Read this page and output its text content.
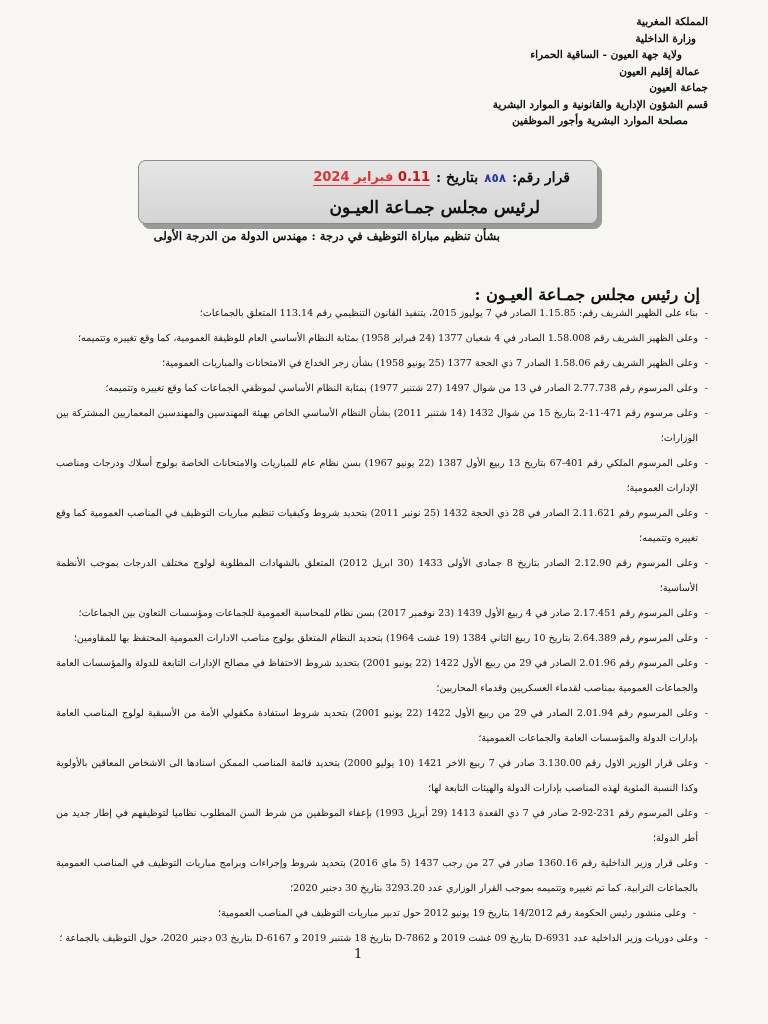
المملكة المغربية
وزارة الداخلية
ولاية جهة العيون - الساقية الحمراء
عمالة إقليم العيون
جماعة العيون
قسم الشؤون الإدارية والقانونية و الموارد البشرية
مصلحة الموارد البشرية وأجور الموظفين
قرار رقم:
٨٥٨
بتاريخ :
0.11 فبراير 2024
لرئيس مجلس جمـاعة العيـون
بشأن تنظيم مباراة التوظيف في درجة : مهندس الدولة من الدرجة الأولى
إن رئيس مجلس جمـاعة العيـون :
- بناء على الظهير الشريف رقم: 1.15.85 الصادر في 7 يوليوز 2015، بتنفيذ القانون التنظيمي رقم 113.14 المتعلق بالجماعات؛
- وعلى الظهير الشريف رقم 1.58.008 الصادر في 4 شعبان 1377 (24 فبراير 1958) بمثابة النظام الأساسي العام للوظيفة العمومية، كما وقع تغييره وتتميمه؛
- وعلى الظهير الشريف رقم 1.58.06 الصادر 7 ذي الحجة 1377 (25 يونيو 1958) بشأن زجر الخداع في الامتحانات والمباريات العمومية؛
- وعلى المرسوم رقم 2.77.738 الصادر في 13 من شوال 1497 (27 شتنبر 1977) بمثابة النظام الأساسي لموظفي الجماعات كما وقع تغييره وتتميمه؛
- وعلى مرسوم رقم 471-11-2 بتاريخ 15 من شوال 1432 (14 شتنبر 2011) بشأن النظام الأساسي الخاص بهيئة المهندسين والمهندسين المعماريين المشتركة بين الوزارات؛
- وعلى المرسوم الملكي رقم 401-67 بتاريخ 13 ربيع الأول 1387 (22 يونيو 1967) بسن نظام عام للمباريات والامتحانات الخاصة بولوج أسلاك ودرجات ومناصب الإدارات العمومية؛
- وعلى المرسوم رقم 2.11.621 الصادر في 28 ذي الحجة 1432 (25 نونبر 2011) بتحديد شروط وكيفيات تنظيم مباريات التوظيف في المناصب العمومية كما وقع تغييره وتتميمه؛
- وعلى المرسوم رقم 2.12.90 الصادر بتاريخ 8 جمادى الأولى 1433 (30 ابريل 2012) المتعلق بالشهادات المطلوبة لولوج مختلف الدرجات بموجب الأنظمة الأساسية؛
- وعلى المرسوم رقم 2.17.451 صادر في 4 ربيع الأول 1439 (23 نوفمبر 2017) بسن نظام للمحاسبة العمومية للجماعات ومؤسسات التعاون بين الجماعات؛
- وعلى المرسوم رقم 2.64.389 بتاريخ 10 ربيع الثاني 1384 (19 غشت 1964) بتحديد النظام المتعلق بولوج مناصب الادارات العمومية المحتفظ بها للمقاومين؛
- وعلى المرسوم رقم 2.01.96 الصادر في 29 من ربيع الأول 1422 (22 يونيو 2001) بتحديد شروط الاحتفاظ في مصالح الإدارات التابعة للدولة والمؤسسات العامة والجماعات العمومية بمناصب لقدماء العسكريين وقدماء المحاربين؛
- وعلى المرسوم رقم 2.01.94 الصادر في 29 من ربيع الأول 1422 (22 يونيو 2001) بتحديد شروط استفادة مكفولي الأمة من الأسبقية لولوج المناصب العامة بإدارات الدولة والمؤسسات العامة والجماعات العمومية؛
- وعلى قرار الوزير الاول رقم 3.130.00 صادر في 7 ربيع الاخر 1421 (10 يوليو 2000) بتحديد قائمة المناصب الممكن اسنادها الى الاشخاص المعاقين بالأولوية وكذا النسبة المئوية لهذه المناصب بإدارات الدولة والهيئات التابعة لها؛
- وعلى المرسوم رقم 231-92-2 صادر في 7 ذي القعدة 1413 (29 أبريل 1993) بإعفاء الموظفين من شرط السن المطلوب نظاميا لتوظيفهم في إطار جديد من أطر الدولة؛
- وعلى قرار وزير الداخلية رقم 1360.16 صادر في 27 من رجب 1437 (5 ماي 2016) بتحديد شروط وإجراءات وبرامج مباريات التوظيف في المناصب العمومية بالجماعات الترابية، كما تم تغييره وتتميمه بموجب القرار الوزاري عدد 3293.20 بتاريخ 30 دجنبر 2020؛
- وعلى منشور رئيس الحكومة رقم 14/2012 بتاريخ 19 يونيو 2012 حول تدبير مباريات التوظيف في المناصب العمومية؛
- وعلى دوريات وزير الداخلية عدد D-6931 بتاريخ 09 غشت 2019 و D-7862 بتاريخ 18 شتنبر 2019 و D-6167 بتاريخ 03 دجنبر 2020، حول التوظيف بالجماعة ؛
1
